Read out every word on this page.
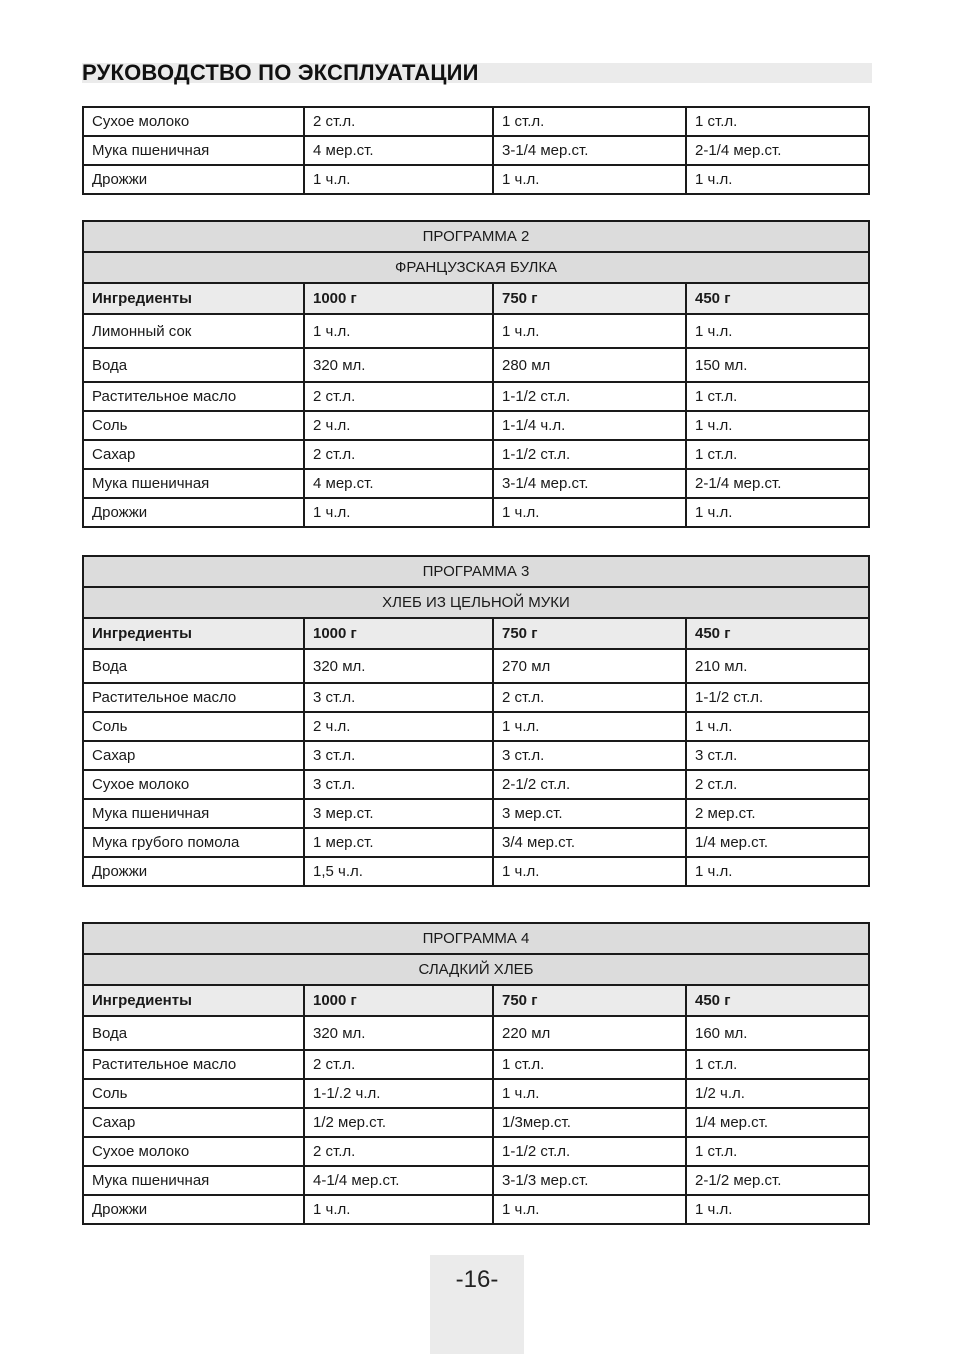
РУКОВОДСТВО ПО ЭКСПЛУАТАЦИИ
Сухое молоко	2 ст.л.	1 ст.л.	1 ст.л.
Мука пшеничная	4 мер.ст.	3-1/4 мер.ст.	2-1/4 мер.ст.
Дрожжи	1 ч.л.	1 ч.л.	1 ч.л.
ПРОГРАММА 2			
ФРАНЦУЗСКАЯ БУЛКА			
Ингредиенты	1000 г	750 г	450 г
Лимонный сок	1 ч.л.	1 ч.л.	1 ч.л.
Вода	320 мл.	280 мл	150 мл.
Растительное масло	2 ст.л.	1-1/2 ст.л.	1 ст.л.
Соль	2 ч.л.	1-1/4 ч.л.	1 ч.л.
Сахар	2 ст.л.	1-1/2 ст.л.	1 ст.л.
Мука пшеничная	4 мер.ст.	3-1/4 мер.ст.	2-1/4 мер.ст.
Дрожжи	1 ч.л.	1 ч.л.	1 ч.л.
ПРОГРАММА 3			
ХЛЕБ ИЗ ЦЕЛЬНОЙ МУКИ			
Ингредиенты	1000 г	750 г	450 г
Вода	320 мл.	270 мл	210 мл.
Растительное масло	3 ст.л.	2 ст.л.	1-1/2 ст.л.
Соль	2 ч.л.	1 ч.л.	1 ч.л.
Сахар	3 ст.л.	3 ст.л.	3 ст.л.
Сухое молоко	3 ст.л.	2-1/2 ст.л.	2 ст.л.
Мука пшеничная	3 мер.ст.	3 мер.ст.	2 мер.ст.
Мука грубого помола	1 мер.ст.	3/4 мер.ст.	1/4 мер.ст.
Дрожжи	1,5 ч.л.	1 ч.л.	1 ч.л.
ПРОГРАММА 4			
СЛАДКИЙ ХЛЕБ			
Ингредиенты	1000 г	750 г	450 г
Вода	320 мл.	220 мл	160 мл.
Растительное масло	2 ст.л.	1 ст.л.	1 ст.л.
Соль	1-1/.2 ч.л.	1 ч.л.	1/2 ч.л.
Сахар	1/2 мер.ст.	1/3мер.ст.	1/4 мер.ст.
Сухое молоко	2 ст.л.	1-1/2 ст.л.	1 ст.л.
Мука пшеничная	4-1/4 мер.ст.	3-1/3 мер.ст.	2-1/2 мер.ст.
Дрожжи	1 ч.л.	1 ч.л.	1 ч.л.
-16-
